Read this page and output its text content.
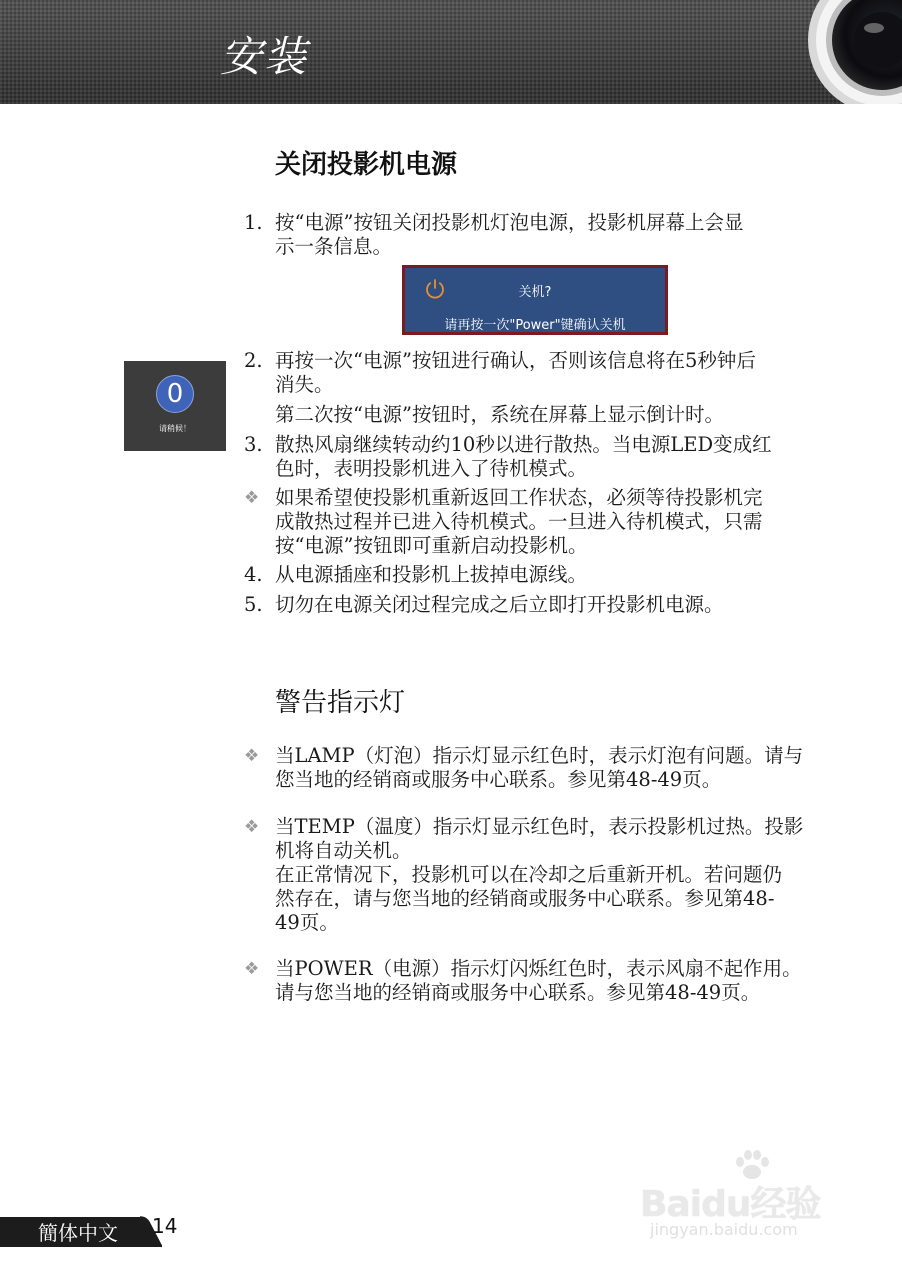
安装
关闭投影机电源
1. 按“电源”按钮关闭投影机灯泡电源，投影机屏幕上会显
示一条信息。
关机?
请再按一次"Power"键确认关机
0
请稍候！
2. 再按一次“电源”按钮进行确认，否则该信息将在5秒钟后
消失。
第二次按“电源”按钮时，系统在屏幕上显示倒计时。
3. 散热风扇继续转动约10秒以进行散热。当电源LED变成红
色时，表明投影机进入了待机模式。
❖ 如果希望使投影机重新返回工作状态，必须等待投影机完
成散热过程并已进入待机模式。一旦进入待机模式，只需
按“电源”按钮即可重新启动投影机。
4. 从电源插座和投影机上拔掉电源线。
5. 切勿在电源关闭过程完成之后立即打开投影机电源。
警告指示灯
❖ 当LAMP（灯泡）指示灯显示红色时，表示灯泡有问题。请与
您当地的经销商或服务中心联系。参见第48-49页。
❖ 当TEMP（温度）指示灯显示红色时，表示投影机过热。投影
机将自动关机。
在正常情况下，投影机可以在冷却之后重新开机。若问题仍
然存在，请与您当地的经销商或服务中心联系。参见第48-
49页。
❖ 当POWER（电源）指示灯闪烁红色时，表示风扇不起作用。
请与您当地的经销商或服务中心联系。参见第48-49页。
Baidu经验
jingyan.baidu.com
簡体中文 14
